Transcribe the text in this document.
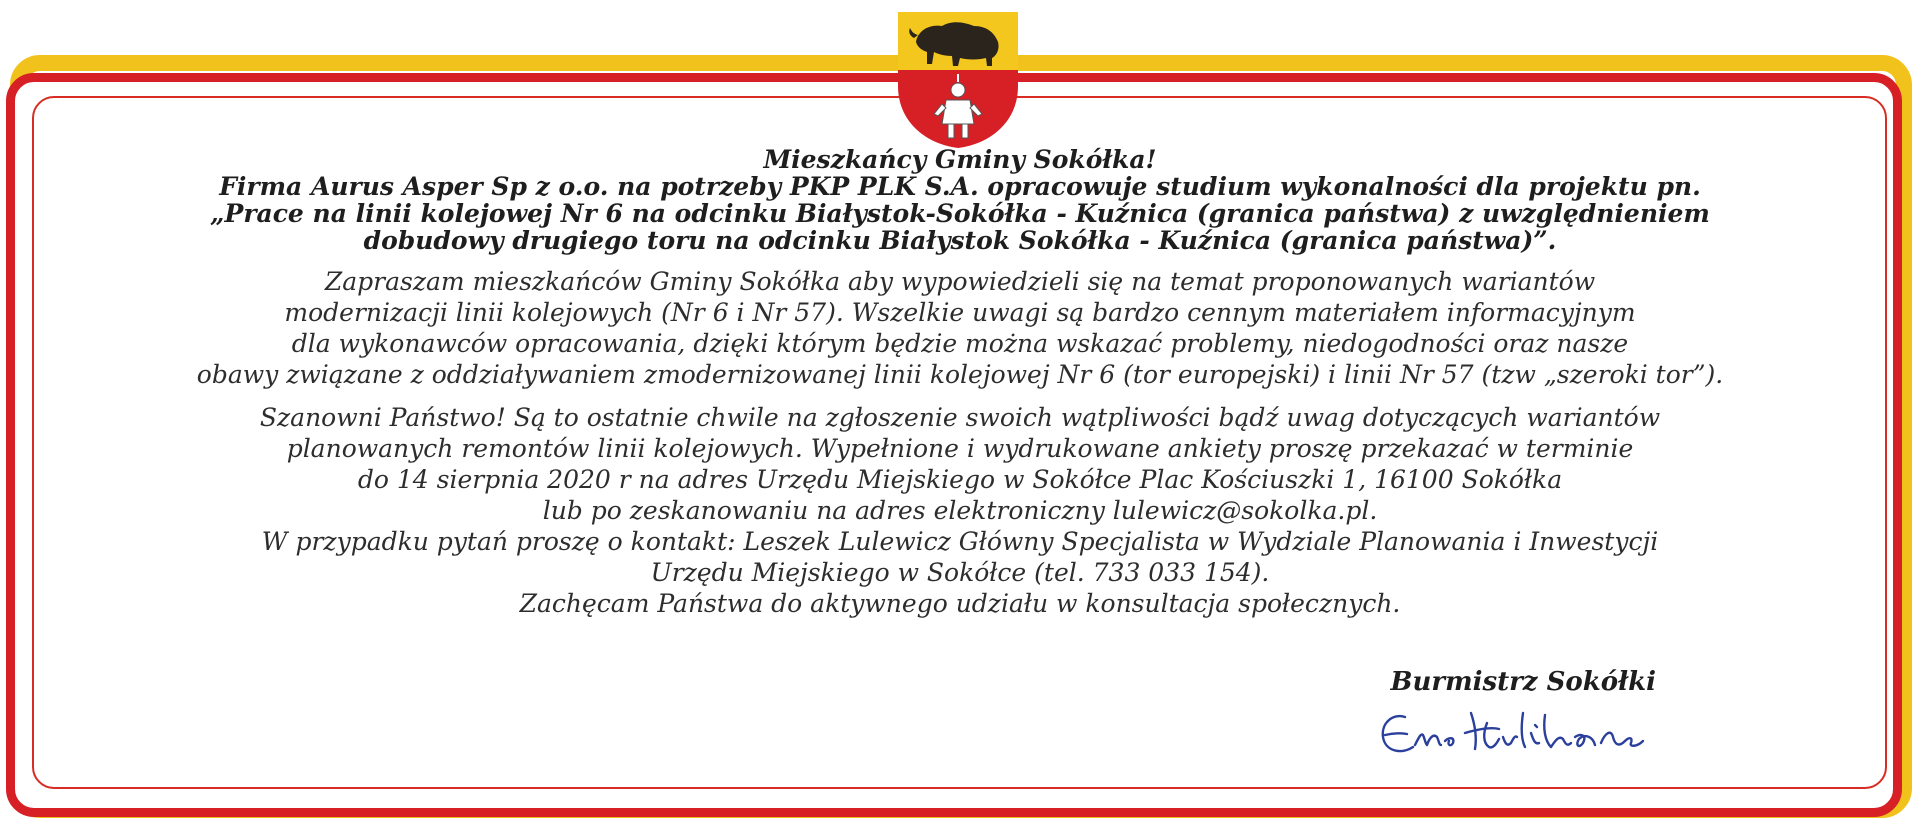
Mieszkańcy Gminy Sokółka!

Firma Aurus Asper Sp z o.o. na potrzeby PKP PLK S.A. opracowuje studium wykonalności dla projektu pn.

„Prace na linii kolejowej Nr 6 na odcinku Białystok-Sokółka - Kuźnica (granica państwa) z uwzględnieniem

dobudowy drugiego toru na odcinku Białystok Sokółka - Kuźnica (granica państwa)”.

Zapraszam mieszkańców Gminy Sokółka aby wypowiedzieli się na temat proponowanych wariantów

modernizacji linii kolejowych (Nr 6 i Nr 57). Wszelkie uwagi są bardzo cennym materiałem informacyjnym

dla wykonawców opracowania, dzięki którym będzie można wskazać problemy, niedogodności oraz nasze

obawy związane z oddziaływaniem zmodernizowanej linii kolejowej Nr 6 (tor europejski) i linii Nr 57 (tzw „szeroki tor”).

Szanowni Państwo! Są to ostatnie chwile na zgłoszenie swoich wątpliwości bądź uwag dotyczących wariantów

planowanych remontów linii kolejowych. Wypełnione i wydrukowane ankiety proszę przekazać w terminie

do 14 sierpnia 2020 r na adres Urzędu Miejskiego w Sokółce Plac Kościuszki 1, 16100 Sokółka

lub po zeskanowaniu na adres elektroniczny lulewicz@sokolka.pl.

W przypadku pytań proszę o kontakt: Leszek Lulewicz Główny Specjalista w Wydziale Planowania i Inwestycji

Urzędu Miejskiego w Sokółce (tel. 733 033 154).

Zachęcam Państwa do aktywnego udziału w konsultacja społecznych.

Burmistrz Sokółki
